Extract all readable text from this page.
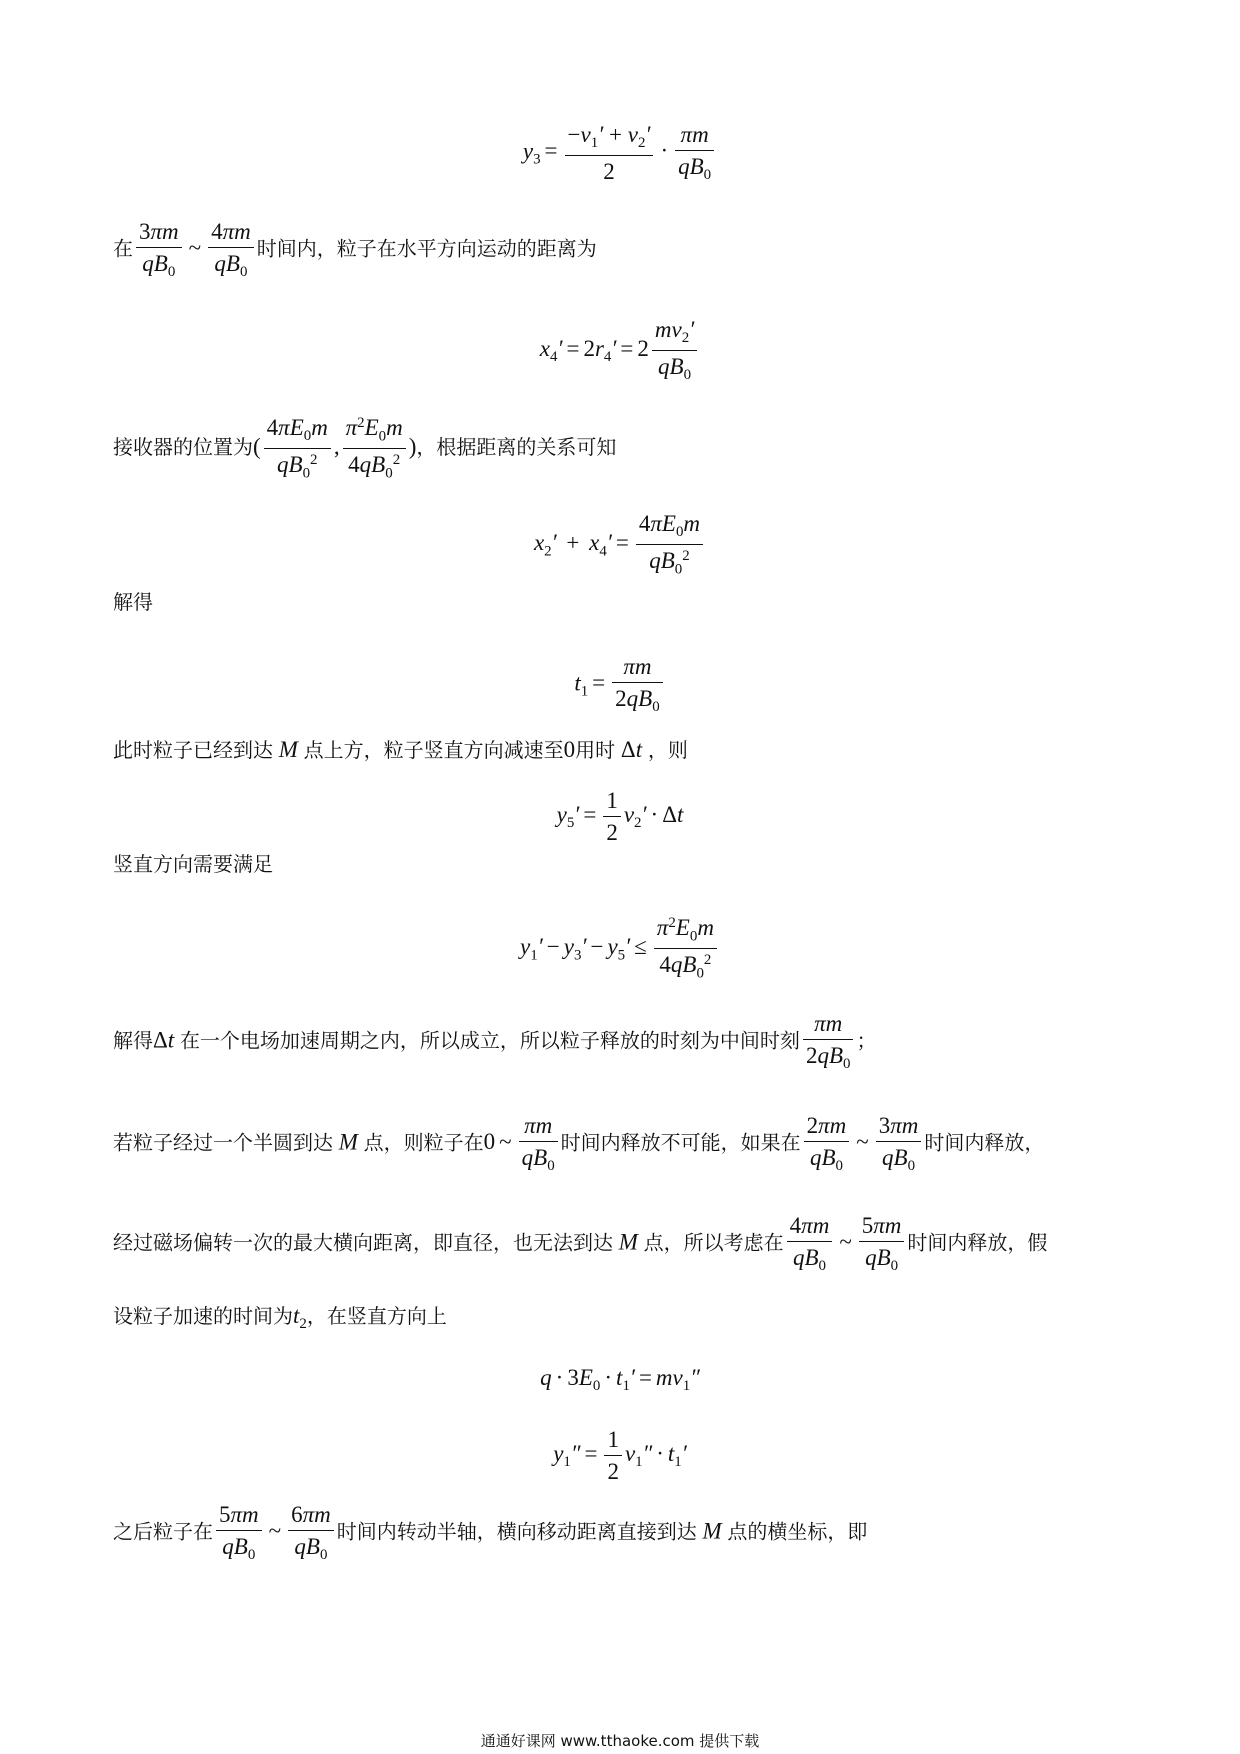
$y_3 = \frac{-v_1' + v_2'}{2} \cdot \frac{\pi m}{qB_0}$
在 $\frac{3\pi m}{qB_0}$ ~ $\frac{4\pi m}{qB_0}$ 时间内，粒子在水平方向运动的距离为
$x_4' = 2r_4' = 2 \frac{mv_2'}{qB_0}$
接收器的位置为( $\frac{4\pi E_0m}{qB_0^2}$ , $\frac{\pi^2E_0m}{4qB_0^2}$ )，根据距离的关系可知
$x_2' + x_4' = \frac{4\pi E_0m}{qB_0^2}$
解得
$t_1 = \frac{\pi m}{2qB_0}$
此时粒子已经到达 M 点上方，粒子竖直方向减速至0用时 Δt ，则
$y_5' = \frac{1}{2} v_2' \cdot \Delta t$
竖直方向需要满足
$y_1' - y_3' - y_5' \le \frac{\pi^2E_0m}{4qB_0^2}$
解得Δt 在一个电场加速周期之内，所以成立，所以粒子释放的时刻为中间时刻 $\frac{\pi m}{2qB_0}$ ；
若粒子经过一个半圆到达 M 点，则粒子在0 ~ $\frac{\pi m}{qB_0}$ 时间内释放不可能，如果在 $\frac{2\pi m}{qB_0}$ ~ $\frac{3\pi m}{qB_0}$ 时间内释放，
经过磁场偏转一次的最大横向距离，即直径，也无法到达 M 点，所以考虑在 $\frac{4\pi m}{qB_0}$ ~ $\frac{5\pi m}{qB_0}$ 时间内释放，假
设粒子加速的时间为$t_2$，在竖直方向上
$q \cdot 3E_0 \cdot t_1' = mv_1''$
$y_1'' = \frac{1}{2} v_1'' \cdot t_1'$
之后粒子在 $\frac{5\pi m}{qB_0}$ ~ $\frac{6\pi m}{qB_0}$ 时间内转动半轴，横向移动距离直接到达 M 点的横坐标，即
通通好课网 www.tthaoke.com 提供下载
